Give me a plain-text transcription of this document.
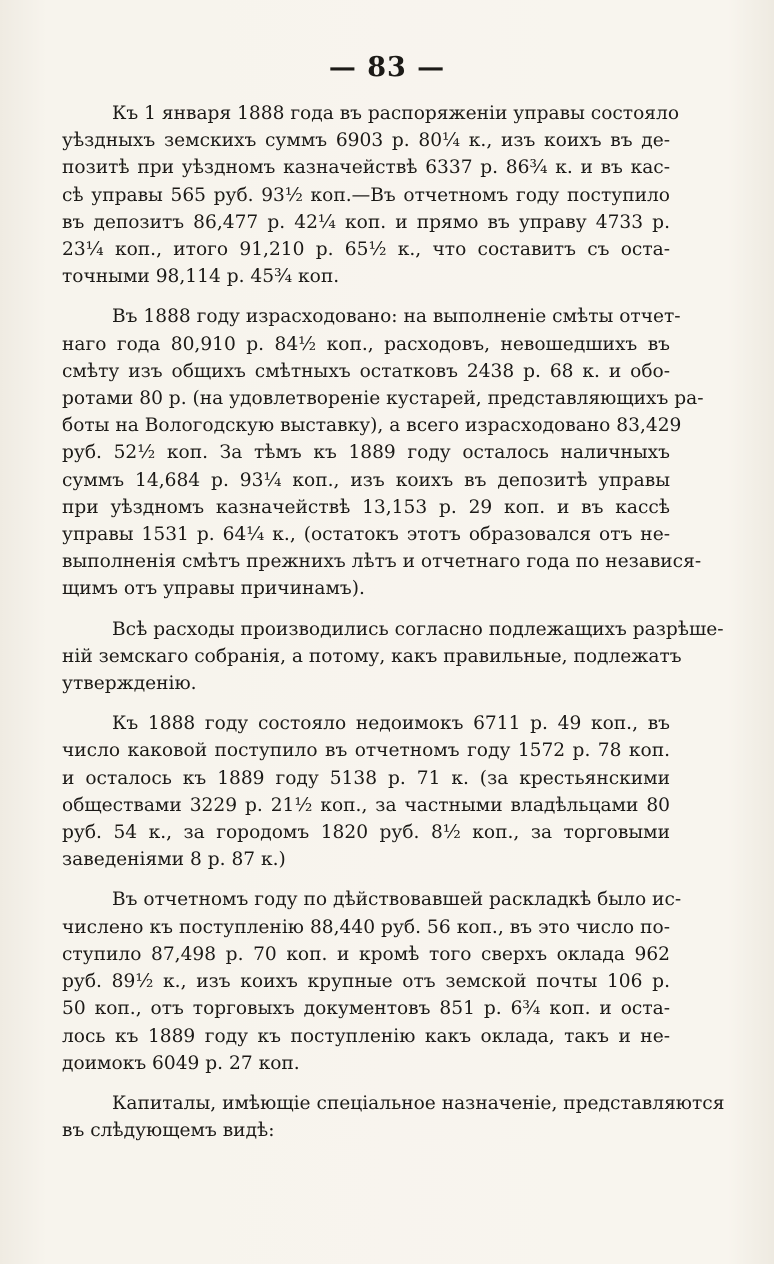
— 83 —
Къ 1 января 1888 года въ распоряженіи управы состояло
уѣздныхъ земскихъ суммъ 6903 р. 80¼ к., изъ коихъ въ де-
позитѣ при уѣздномъ казначействѣ 6337 р. 86¾ к. и въ кас-
сѣ управы 565 руб. 93½ коп.—Въ отчетномъ году поступило
въ депозитъ 86,477 р. 42¼ коп. и прямо въ управу 4733 р.
23¼ коп., итого 91,210 р. 65½ к., что составитъ съ оста-
точными 98,114 р. 45¾ коп.
Въ 1888 году израсходовано: на выполненіе смѣты отчет-
наго года 80,910 р. 84½ коп., расходовъ, невошедшихъ въ
смѣту изъ общихъ смѣтныхъ остатковъ 2438 р. 68 к. и обо-
ротами 80 р. (на удовлетвореніе кустарей, представляющихъ ра-
боты на Вологодскую выставку), а всего израсходовано 83,429
руб. 52½ коп. За тѣмъ къ 1889 году осталось наличныхъ
суммъ 14,684 р. 93¼ коп., изъ коихъ въ депозитѣ управы
при уѣздномъ казначействѣ 13,153 р. 29 коп. и въ кассѣ
управы 1531 р. 64¼ к., (остатокъ этотъ образовался отъ не-
выполненія смѣтъ прежнихъ лѣтъ и отчетнаго года по независя-
щимъ отъ управы причинамъ).
Всѣ расходы производились согласно подлежащихъ разрѣше-
ній земскаго собранія, а потому, какъ правильные, подлежатъ
утвержденію.
Къ 1888 году состояло недоимокъ 6711 р. 49 коп., въ
число каковой поступило въ отчетномъ году 1572 р. 78 коп.
и осталось къ 1889 году 5138 р. 71 к. (за крестьянскими
обществами 3229 р. 21½ коп., за частными владѣльцами 80
руб. 54 к., за городомъ 1820 руб. 8½ коп., за торговыми
заведеніями 8 р. 87 к.)
Въ отчетномъ году по дѣйствовавшей раскладкѣ было ис-
числено къ поступленію 88,440 руб. 56 коп., въ это число по-
ступило 87,498 р. 70 коп. и кромѣ того сверхъ оклада 962
руб. 89½ к., изъ коихъ крупные отъ земской почты 106 р.
50 коп., отъ торговыхъ документовъ 851 р. 6¾ коп. и оста-
лось къ 1889 году къ поступленію какъ оклада, такъ и не-
доимокъ 6049 р. 27 коп.
Капиталы, имѣющіе спеціальное назначеніе, представляются
въ слѣдующемъ видѣ:
